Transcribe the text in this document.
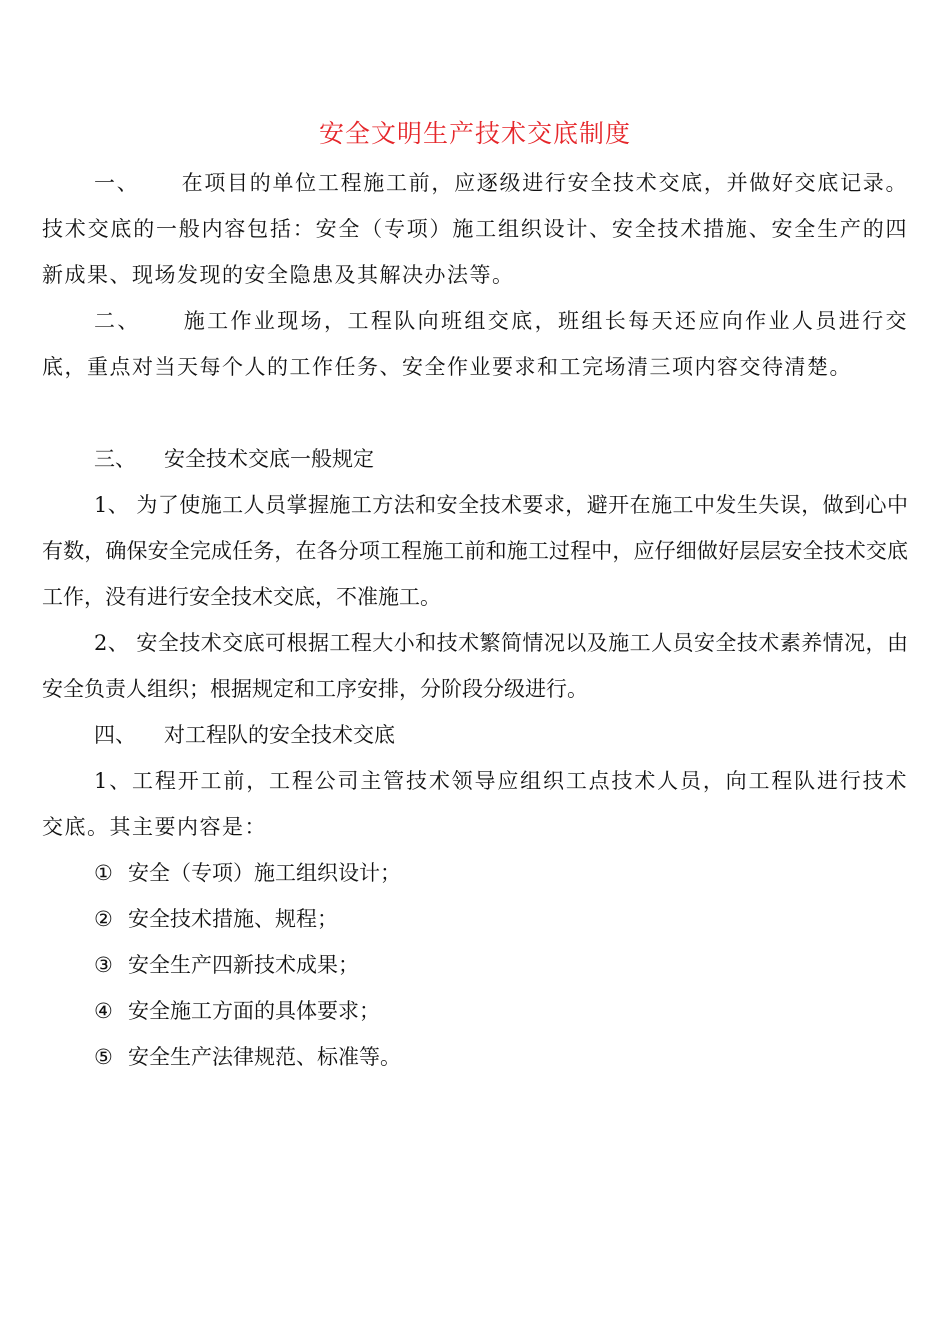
安全文明生产技术交底制度

一、 在项目的单位工程施工前，应逐级进行安全技术交底，并做好交底记录。技术交底的一般内容包括：安全（专项）施工组织设计、安全技术措施、安全生产的四新成果、现场发现的安全隐患及其解决办法等。

二、 施工作业现场，工程队向班组交底，班组长每天还应向作业人员进行交底，重点对当天每个人的工作任务、安全作业要求和工完场清三项内容交待清楚。

三、 安全技术交底一般规定

1、 为了使施工人员掌握施工方法和安全技术要求，避开在施工中发生失误，做到心中有数，确保安全完成任务，在各分项工程施工前和施工过程中，应仔细做好层层安全技术交底工作，没有进行安全技术交底，不准施工。

2、 安全技术交底可根据工程大小和技术繁简情况以及施工人员安全技术素养情况，由安全负责人组织；根据规定和工序安排，分阶段分级进行。

四、 对工程队的安全技术交底

1、工程开工前，工程公司主管技术领导应组织工点技术人员，向工程队进行技术交底。其主要内容是：

① 安全（专项）施工组织设计；
② 安全技术措施、规程；
③ 安全生产四新技术成果；
④ 安全施工方面的具体要求；
⑤ 安全生产法律规范、标准等。
